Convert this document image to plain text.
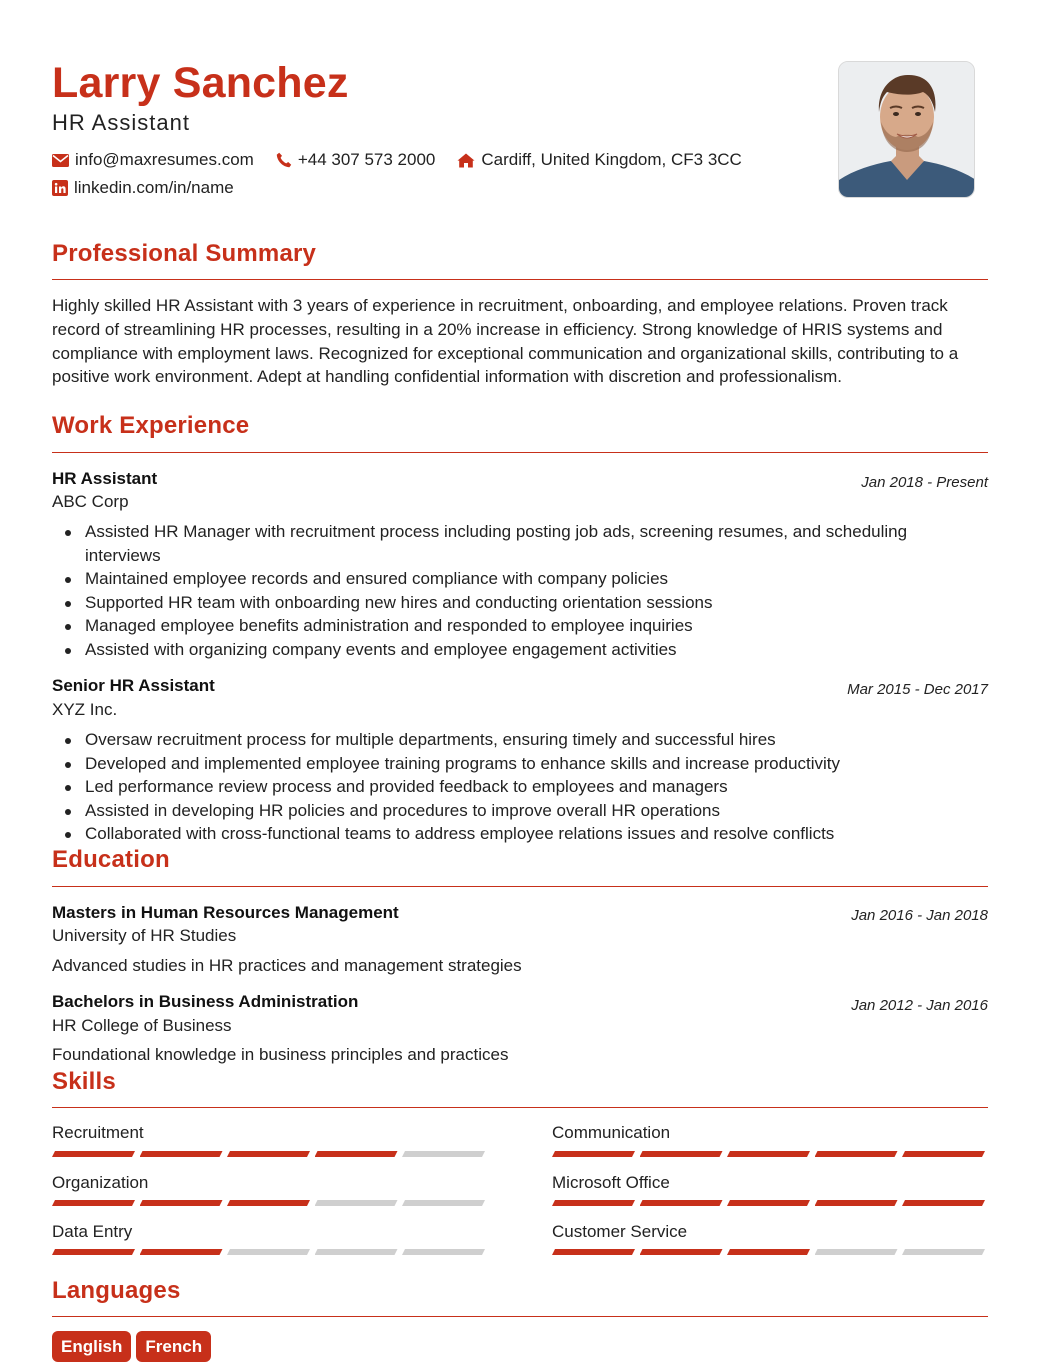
Larry Sanchez
HR Assistant
info@maxresumes.com	+44 307 573 2000	Cardiff, United Kingdom, CF3 3CC
linkedin.com/in/name
Professional Summary
Highly skilled HR Assistant with 3 years of experience in recruitment, onboarding, and employee relations. Proven track record of streamlining HR processes, resulting in a 20% increase in efficiency. Strong knowledge of HRIS systems and compliance with employment laws. Recognized for exceptional communication and organizational skills, contributing to a positive work environment. Adept at handling confidential information with discretion and professionalism.
Work Experience
HR Assistant	Jan 2018 - Present
ABC Corp
Assisted HR Manager with recruitment process including posting job ads, screening resumes, and scheduling interviews
Maintained employee records and ensured compliance with company policies
Supported HR team with onboarding new hires and conducting orientation sessions
Managed employee benefits administration and responded to employee inquiries
Assisted with organizing company events and employee engagement activities
Senior HR Assistant	Mar 2015 - Dec 2017
XYZ Inc.
Oversaw recruitment process for multiple departments, ensuring timely and successful hires
Developed and implemented employee training programs to enhance skills and increase productivity
Led performance review process and provided feedback to employees and managers
Assisted in developing HR policies and procedures to improve overall HR operations
Collaborated with cross-functional teams to address employee relations issues and resolve conflicts
Education
Masters in Human Resources Management	Jan 2016 - Jan 2018
University of HR Studies
Advanced studies in HR practices and management strategies
Bachelors in Business Administration	Jan 2012 - Jan 2016
HR College of Business
Foundational knowledge in business principles and practices
Skills
Recruitment	Communication
Organization	Microsoft Office
Data Entry	Customer Service
Languages
English	French
